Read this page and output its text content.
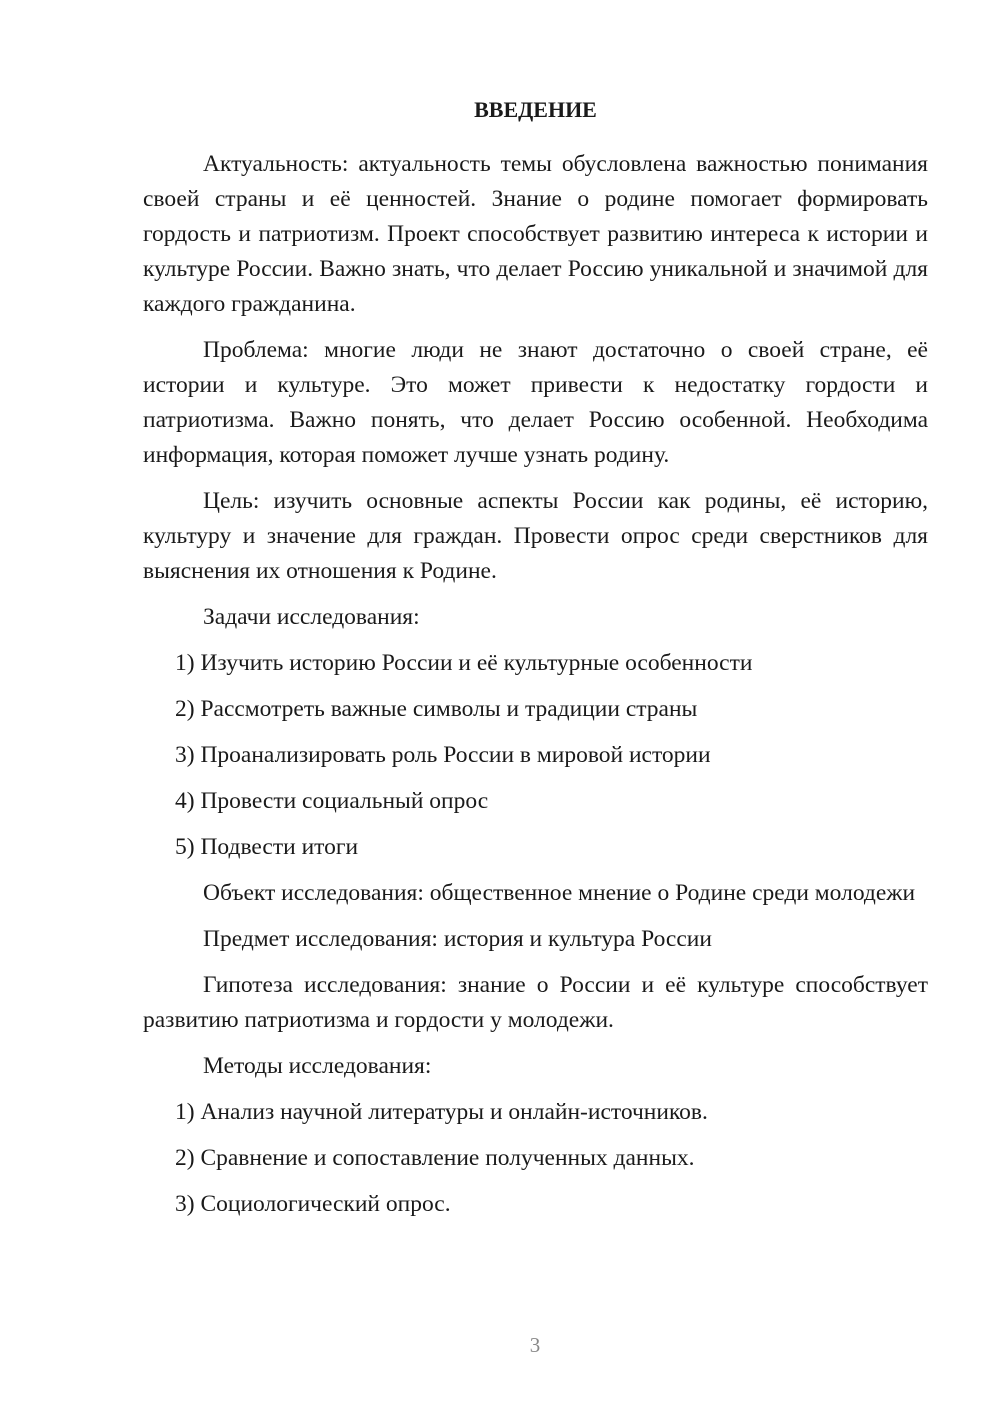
ВВЕДЕНИЕ

Актуальность: актуальность темы обусловлена важностью понимания своей страны и её ценностей. Знание о родине помогает формировать гордость и патриотизм. Проект способствует развитию интереса к истории и культуре России. Важно знать, что делает Россию уникальной и значимой для каждого гражданина.

Проблема: многие люди не знают достаточно о своей стране, её истории и культуре. Это может привести к недостатку гордости и патриотизма. Важно понять, что делает Россию особенной. Необходима информация, которая поможет лучше узнать родину.

Цель: изучить основные аспекты России как родины, её историю, культуру и значение для граждан. Провести опрос среди сверстников для выяснения их отношения к Родине.

Задачи исследования:

1) Изучить историю России и её культурные особенности

2) Рассмотреть важные символы и традиции страны

3) Проанализировать роль России в мировой истории

4) Провести социальный опрос

5) Подвести итоги

Объект исследования: общественное мнение о Родине среди молодежи

Предмет исследования: история и культура России

Гипотеза исследования: знание о России и её культуре способствует развитию патриотизма и гордости у молодежи.

Методы исследования:

1) Анализ научной литературы и онлайн-источников.

2) Сравнение и сопоставление полученных данных.

3) Социологический опрос.

3
